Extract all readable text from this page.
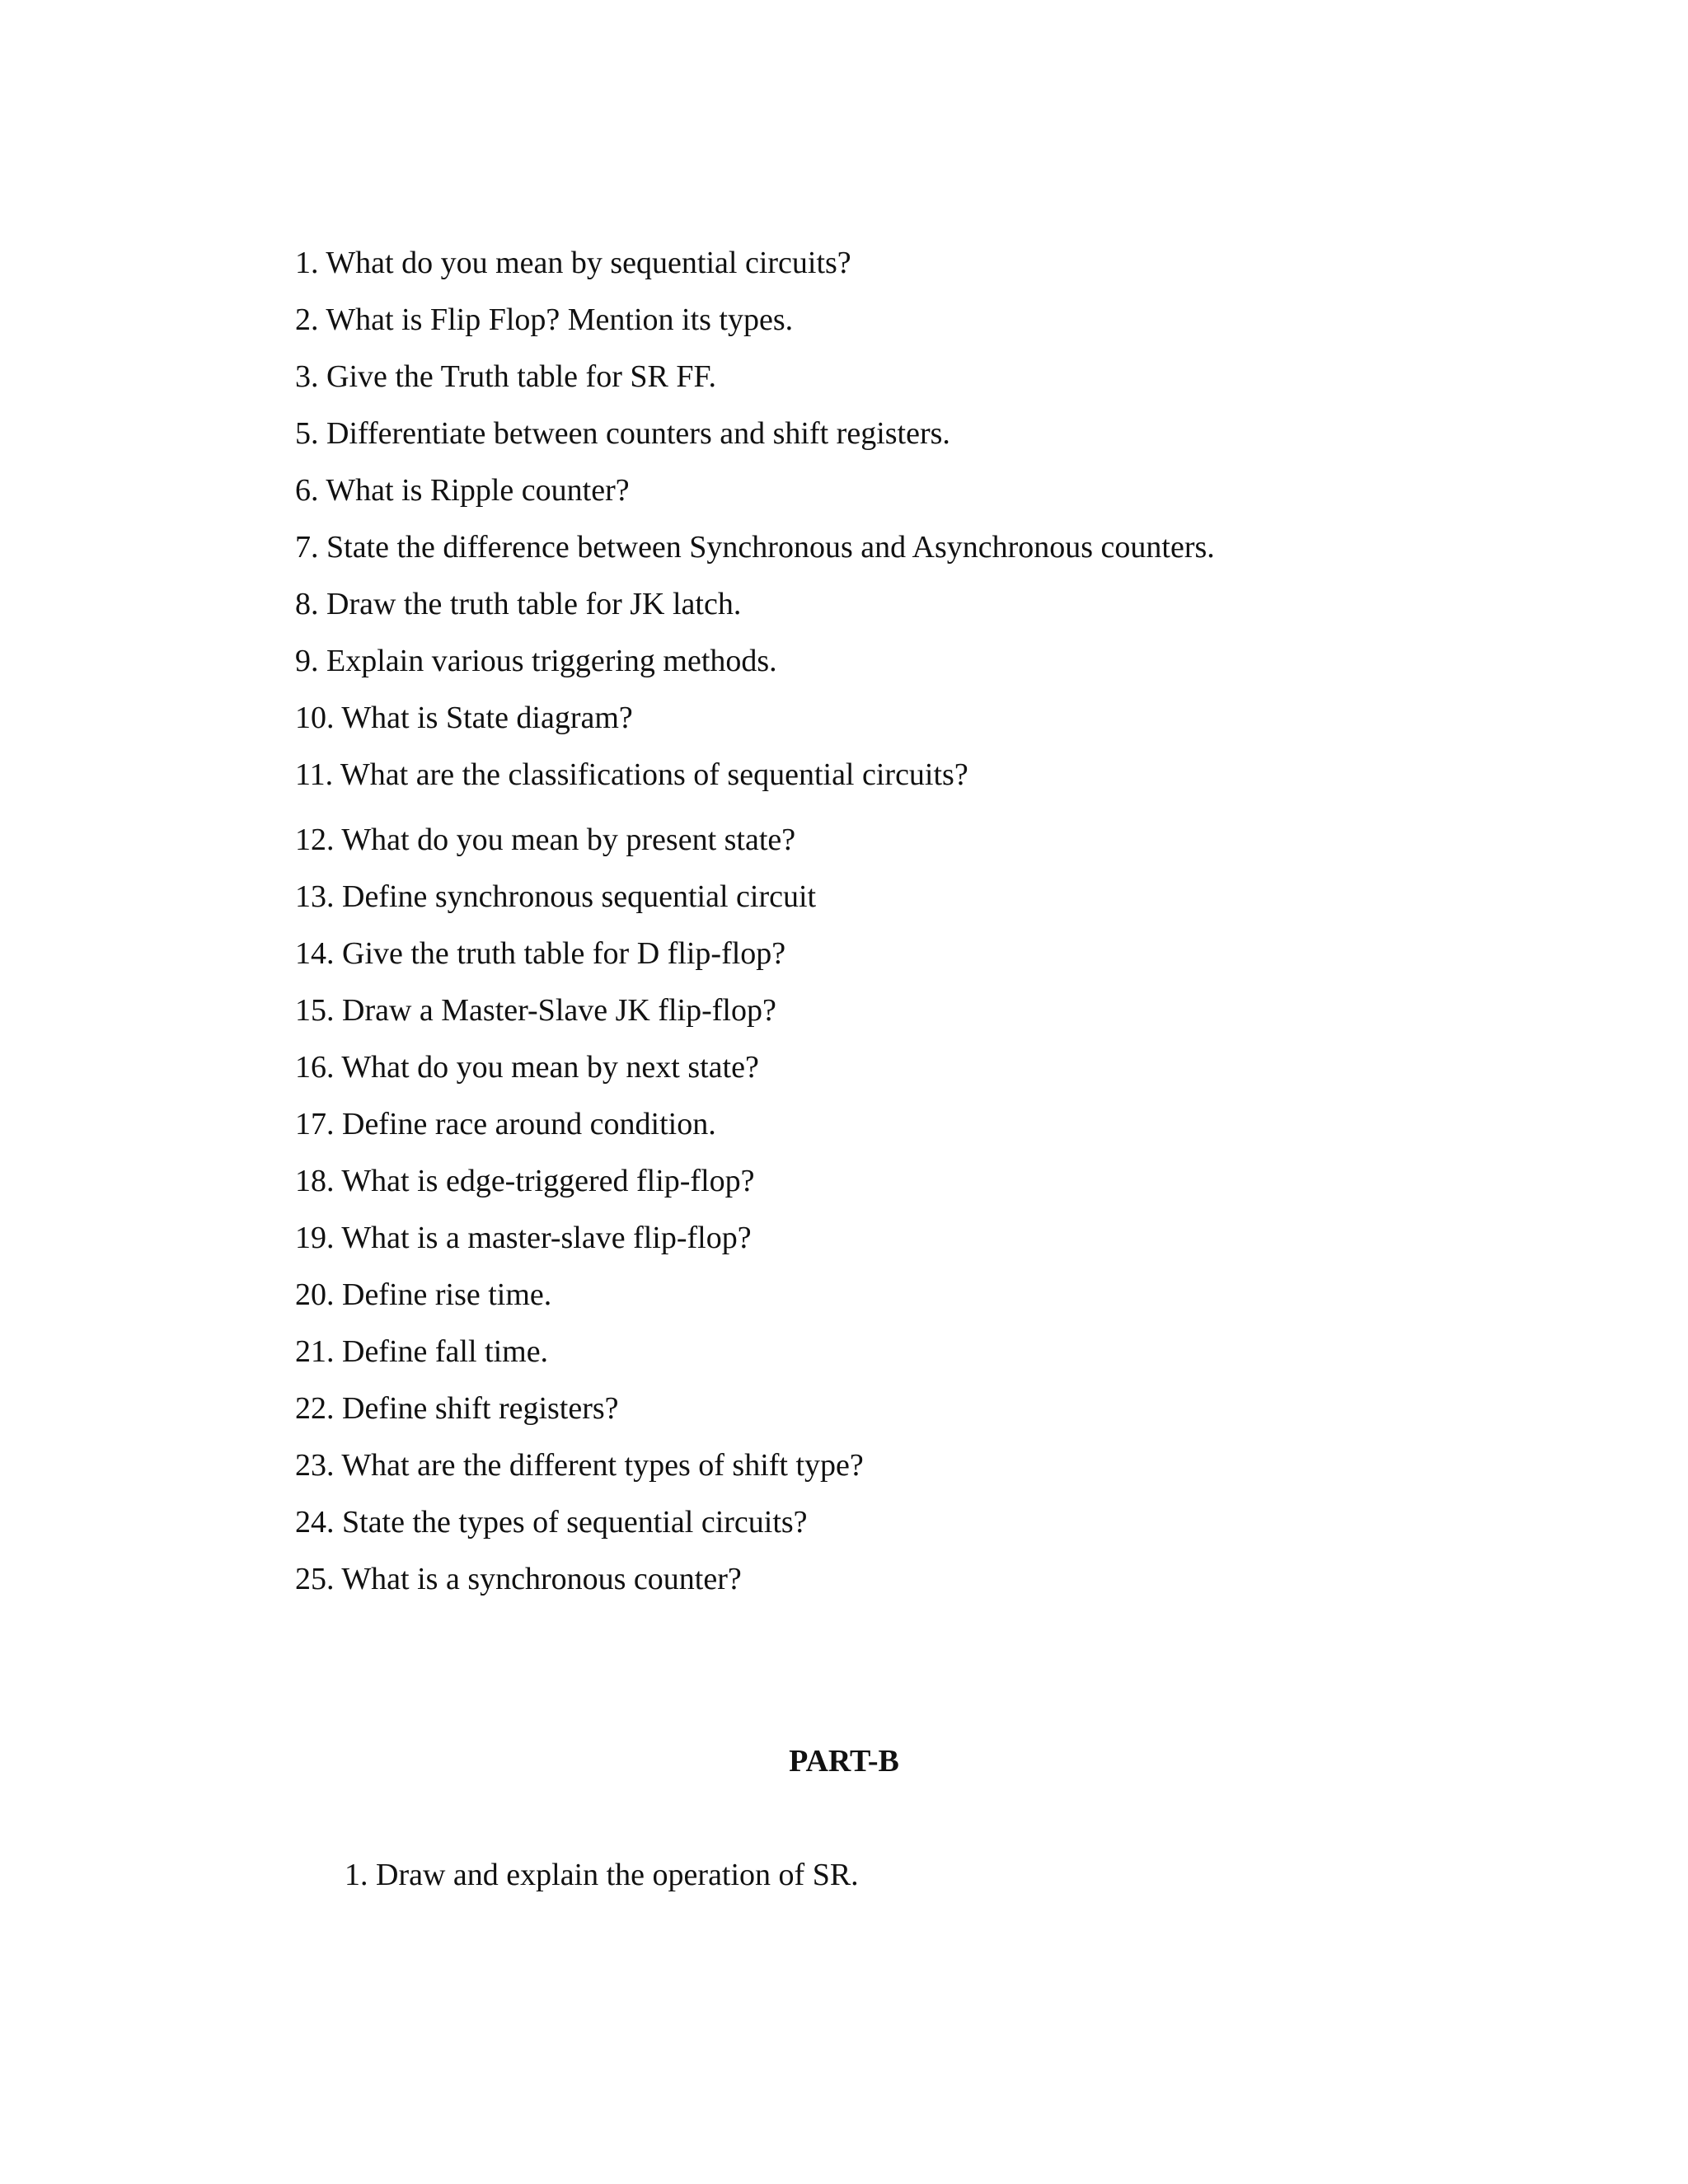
1. What do you mean by sequential circuits?
2. What is Flip Flop? Mention its types.
3. Give the Truth table for SR FF.
5. Differentiate between counters and shift registers.
6. What is Ripple counter?
7. State the difference between Synchronous and Asynchronous counters.
8. Draw the truth table for JK latch.
9. Explain various triggering methods.
10. What is State diagram?
11. What are the classifications of sequential circuits?
12. What do you mean by present state?
13. Define synchronous sequential circuit
14. Give the truth table for D flip-flop?
15. Draw a Master-Slave JK flip-flop?
16. What do you mean by next state?
17. Define race around condition.
18. What is edge-triggered flip-flop?
19. What is a master-slave flip-flop?
20. Define rise time.
21. Define fall time.
22. Define shift registers?
23. What are the different types of shift type?
24. State the types of sequential circuits?
25. What is a synchronous counter?
PART-B
1. Draw and explain the operation of SR.
